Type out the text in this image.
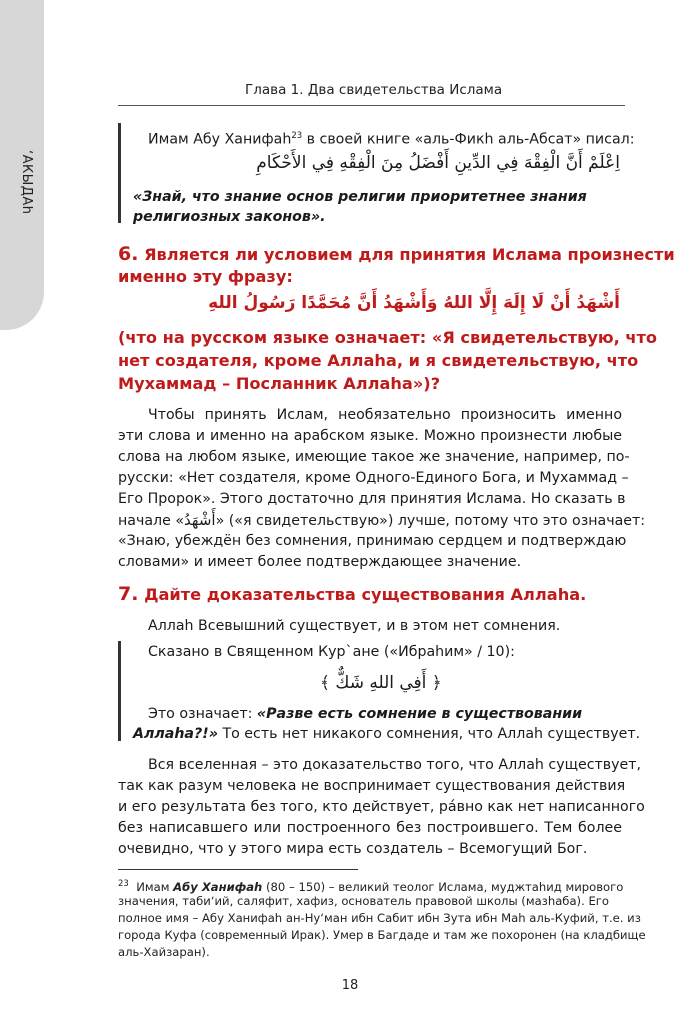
‘АКЫДАh
Глава 1. Два свидетельства Ислама
Имам Абу Ханифаh$^{23}$ в своей книге «аль-Фикh аль-Абсат» писал:
اِعْلَمْ أَنَّ الْفِقْهَ فِي الدِّينِ أَفْضَلُ مِنَ الْفِقْهِ فِي الأَحْكَامِ
«Знай, что знание основ религии приоритетнее знания
религиозных законов».
6. Является ли условием для принятия Ислама произнести
именно эту фразу:
أَشْهَدُ أَنْ لَا إِلَهَ إِلَّا اللهُ وَأَشْهَدُ أَنَّ مُحَمَّدًا رَسُولُ اللهِ
(что на русском языке означает: «Я свидетельствую, что
нет создателя, кроме Аллаhа, и я свидетельствую, что
Мухаммад – Посланник Аллаhа»)?
Чтобы принять Ислам, необязательно произносить именно
эти слова и именно на арабском языке. Можно произнести любые
слова на любом языке, имеющие такое же значение, например, по-
русски: «Нет создателя, кроме Одного-Единого Бога, и Мухаммад –
Его Пророк». Этого достаточно для принятия Ислама. Но сказать в
начале «أَشْهَدُ» («я свидетельствую») лучше, потому что это означает:
«Знаю, убеждён без сомнения, принимаю сердцем и подтверждаю
словами» и имеет более подтверждающее значение.
7. Дайте доказательства существования Аллаhа.
Аллаh Всевышний существует, и в этом нет сомнения.
Сказано в Священном Кур`ане («Ибраhим» / 10):
﴿ أَفِي اللهِ شَكٌّ ﴾
Это означает: «Разве есть сомнение в существовании
Аллаhа?!» То есть нет никакого сомнения, что Аллаh существует.
Вся вселенная – это доказательство того, что Аллаh существует,
так как разум человека не воспринимает существования действия
и его результата без того, кто действует, ра́вно как нет написанного
без написавшего или построенного без построившего. Тем более
очевидно, что у этого мира есть создатель – Всемогущий Бог.
$^{23}$ Имам Абу Ханифаh (80 – 150) – великий теолог Ислама, муджтаhид мирового
значения, таби‘ий, саляфит, хафиз, основатель правовой школы (мазhаба). Его
полное имя – Абу Ханифаh ан-Ну‘ман ибн Сабит ибн Зута ибн Маh аль-Куфий, т.е. из
города Куфа (современный Ирак). Умер в Багдаде и там же похоронен (на кладбище
аль-Хайзаран).
18
